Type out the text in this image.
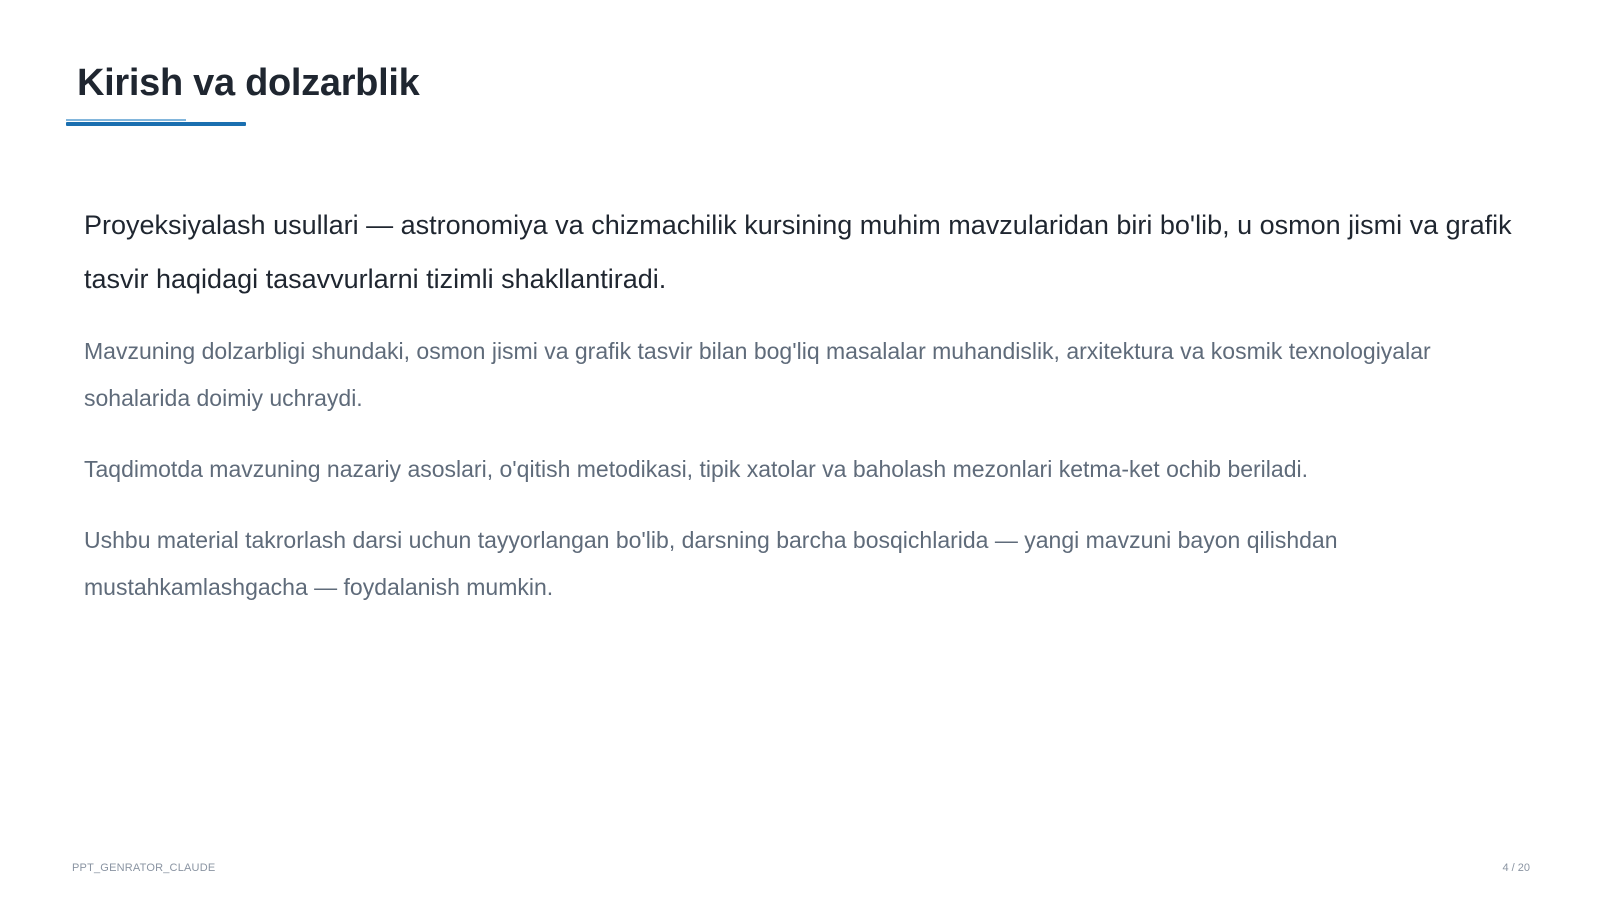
Kirish va dolzarblik

Proyeksiyalash usullari — astronomiya va chizmachilik kursining muhim mavzularidan biri bo'lib, u osmon jismi va grafik tasvir haqidagi tasavvurlarni tizimli shakllantiradi.

Mavzuning dolzarbligi shundaki, osmon jismi va grafik tasvir bilan bog'liq masalalar muhandislik, arxitektura va kosmik texnologiyalar sohalarida doimiy uchraydi.

Taqdimotda mavzuning nazariy asoslari, o'qitish metodikasi, tipik xatolar va baholash mezonlari ketma-ket ochib beriladi.

Ushbu material takrorlash darsi uchun tayyorlangan bo'lib, darsning barcha bosqichlarida — yangi mavzuni bayon qilishdan mustahkamlashgacha — foydalanish mumkin.

PPT_GENRATOR_CLAUDE	4 / 20
